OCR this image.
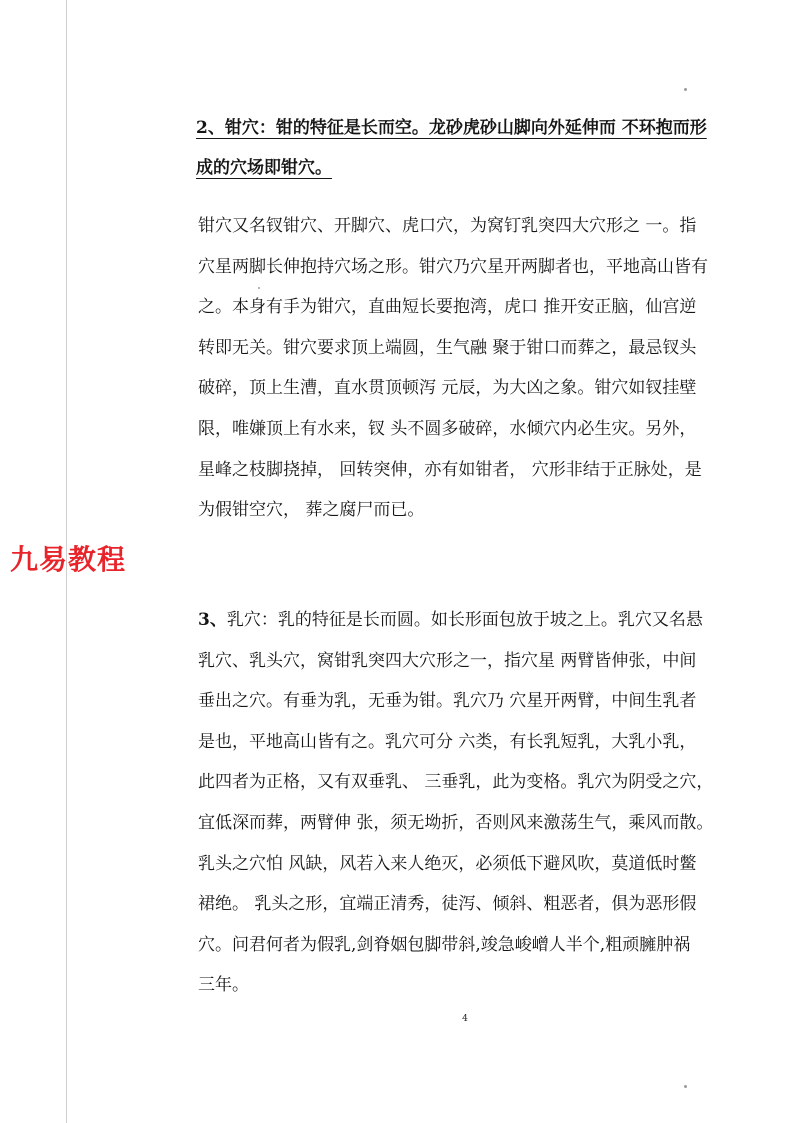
2、钳穴：钳的特征是长而空。龙砂虎砂山脚向外延伸而 不环抱而形
成的穴场即钳穴。

钳穴又名钗钳穴、开脚穴、虎口穴，为窝钉乳突四大穴形之 一。指
穴星两脚长伸抱持穴场之形。钳穴乃穴星开两脚者也，平地高山皆有
之。本身有手为钳穴，直曲短长要抱湾，虎口 推开安正脑，仙宫逆
转即无关。钳穴要求顶上端圆，生气融 聚于钳口而葬之，最忌钗头
破碎，顶上生漕，直水贯顶顿泻 元辰，为大凶之象。钳穴如钗挂壁
限，唯嫌顶上有水来，钗 头不圆多破碎，水倾穴内必生灾。另外，
星峰之枝脚挠掉， 回转突伸，亦有如钳者， 穴形非结于正脉处，是
为假钳空穴， 葬之腐尸而已。

九易教程

3、乳穴：乳的特征是长而圆。如长形面包放于坡之上。乳穴又名悬
乳穴、乳头穴，窝钳乳突四大穴形之一，指穴星 两臂皆伸张，中间
垂出之穴。有垂为乳，无垂为钳。乳穴乃 穴星开两臂，中间生乳者
是也，平地高山皆有之。乳穴可分 六类，有长乳短乳，大乳小乳，
此四者为正格，又有双垂乳、 三垂乳，此为变格。乳穴为阴受之穴，
宜低深而葬，两臂伸 张，须无坳折，否则风来激荡生气，乘风而散。
乳头之穴怕 风缺，风若入来人绝灭，必须低下避风吹，莫道低时鳖
裙绝。 乳头之形，宜端正清秀，徒泻、倾斜、粗恶者，俱为恶形假
穴。问君何者为假乳,剑脊姻包脚带斜,竣急峻嶒人半个,粗顽臃肿祸
三年。

4
